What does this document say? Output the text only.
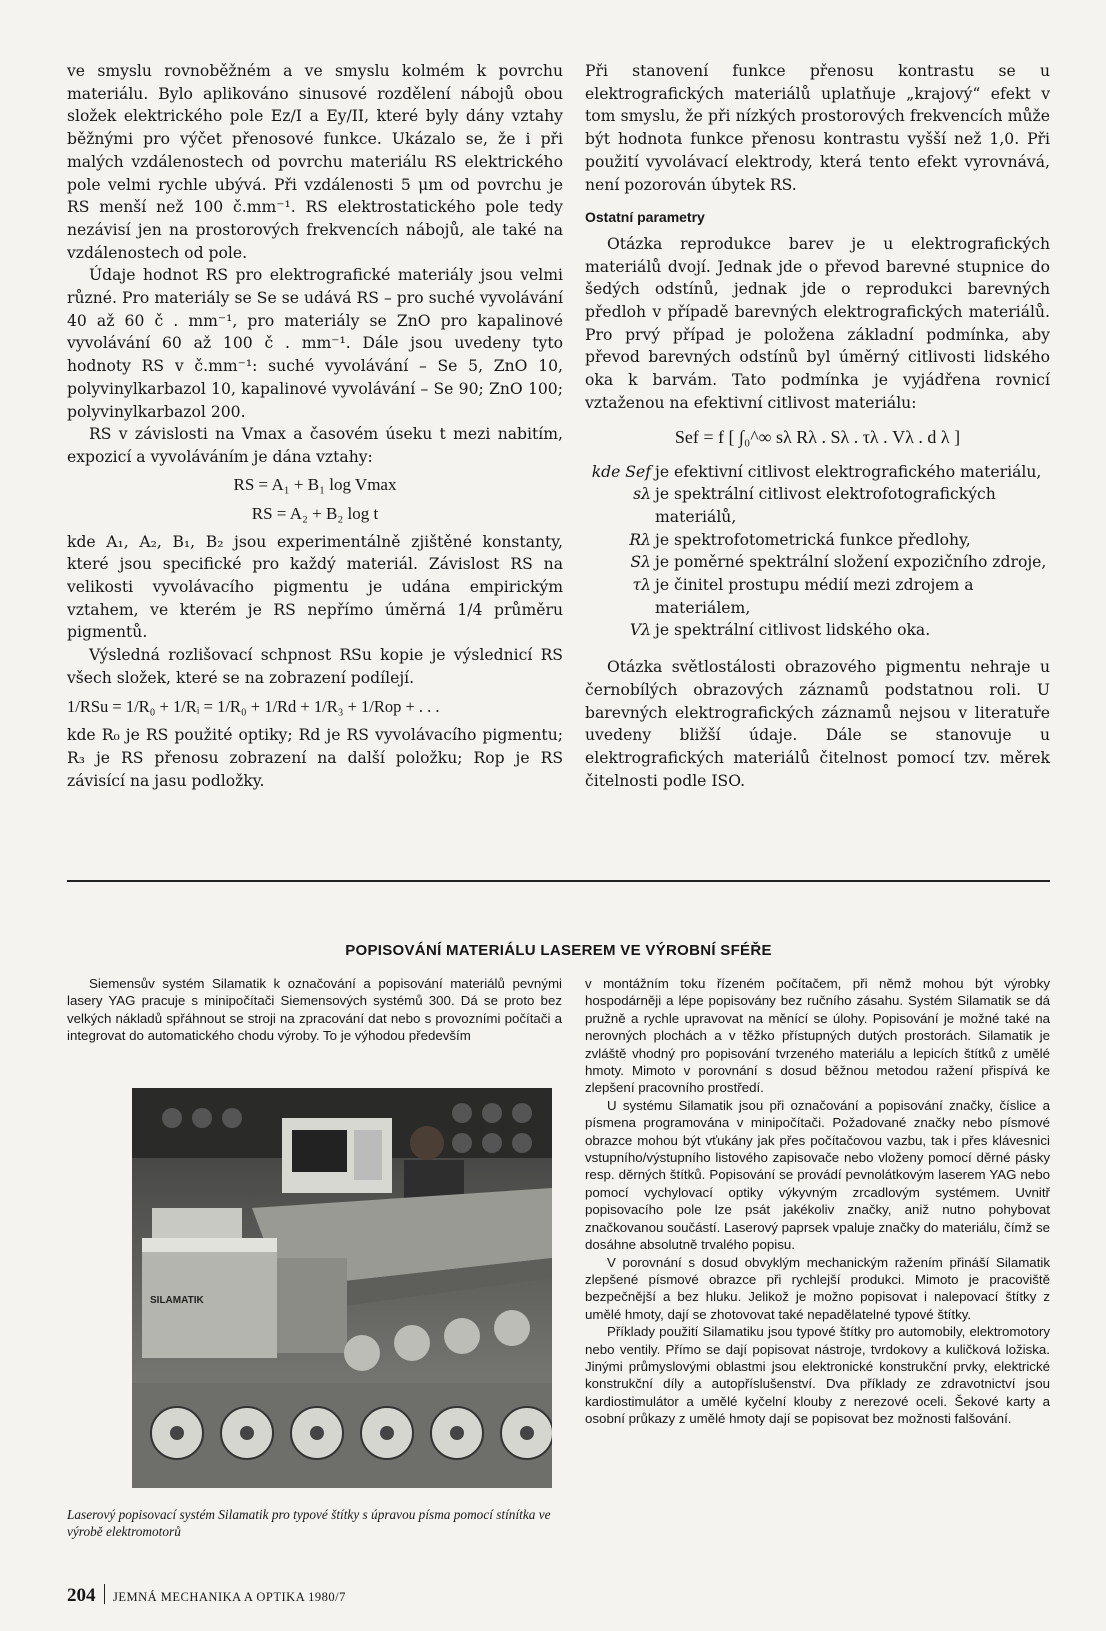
ve smyslu rovnoběžném a ve smyslu kolmém k povrchu materiálu. Bylo aplikováno sinusové rozdělení nábojů obou složek elektrického pole Ez/I a Ey/II, které byly dány vztahy běžnými pro výčet přenosové funkce. Ukázalo se, že i při malých vzdálenostech od povrchu materiálu RS elektrického pole velmi rychle ubývá. Při vzdálenosti 5 μm od povrchu je RS menší než 100 č.mm⁻¹. RS elektrostatického pole tedy nezávisí jen na prostorových frekvencích nábojů, ale také na vzdálenostech od pole.

Údaje hodnot RS pro elektrografické materiály jsou velmi různé. Pro materiály se Se se udává RS – pro suché vyvolávání 40 až 60 č . mm⁻¹, pro materiály se ZnO pro kapalinové vyvolávání 60 až 100 č . mm⁻¹. Dále jsou uvedeny tyto hodnoty RS v č.mm⁻¹: suché vyvolávání – Se 5, ZnO 10, polyvinylkarbazol 10, kapalinové vyvolávání – Se 90; ZnO 100; polyvinylkarbazol 200.

RS v závislosti na Vmax a časovém úseku t mezi nabitím, expozicí a vyvoláváním je dána vztahy:

RS = A₁ + B₁ log Vmax

RS = A₂ + B₂ log t

kde A₁, A₂, B₁, B₂ jsou experimentálně zjištěné konstanty, které jsou specifické pro každý materiál. Závislost RS na velikosti vyvolávacího pigmentu je udána empirickým vztahem, ve kterém je RS nepřímo úměrná 1/4 průměru pigmentů.

Výsledná rozlišovací schpnost RSu kopie je výslednicí RS všech složek, které se na zobrazení podílejí.

1/RSu = 1/R₀ + 1/Rᵢ = 1/R₀ + 1/Rd + 1/R₃ + 1/Rop + . . .

kde R₀ je RS použité optiky; Rd je RS vyvolávacího pigmentu; R₃ je RS přenosu zobrazení na další položku; Rop je RS závisící na jasu podložky.

Při stanovení funkce přenosu kontrastu se u elektrografických materiálů uplatňuje „krajový“ efekt v tom smyslu, že při nízkých prostorových frekvencích může být hodnota funkce přenosu kontrastu vyšší než 1,0. Při použití vyvolávací elektrody, která tento efekt vyrovnává, není pozorován úbytek RS.

Ostatní parametry

Otázka reprodukce barev je u elektrografických materiálů dvojí. Jednak jde o převod barevné stupnice do šedých odstínů, jednak jde o reprodukci barevných předloh v případě barevných elektrografických materiálů. Pro prvý případ je položena základní podmínka, aby převod barevných odstínů byl úměrný citlivosti lidského oka k barvám. Tato podmínka je vyjádřena rovnicí vztaženou na efektivní citlivost materiálu:

Sef = f [ ∫₀^∞ sλ Rλ . Sλ . τλ . Vλ . d λ ]

kde Sef je efektivní citlivost elektrografického materiálu,
sλ je spektrální citlivost elektrofotografických materiálů,
Rλ je spektrofotometrická funkce předlohy,
Sλ je poměrné spektrální složení expozičního zdroje,
τλ je činitel prostupu médií mezi zdrojem a materiálem,
Vλ je spektrální citlivost lidského oka.

Otázka světlostálosti obrazového pigmentu nehraje u černobílých obrazových záznamů podstatnou roli. U barevných elektrografických záznamů nejsou v literatuře uvedeny bližší údaje. Dále se stanovuje u elektrografických materiálů čitelnost pomocí tzv. měrek čitelnosti podle ISO.

POPISOVÁNÍ MATERIÁLU LASEREM VE VÝROBNÍ SFÉŘE

Siemensův systém Silamatik k označování a popisování materiálů pevnými lasery YAG pracuje s minipočítači Siemensových systémů 300. Dá se proto bez velkých nákladů spřáhnout se stroji na zpracování dat nebo s provozními počítači a integrovat do automatického chodu výroby. To je výhodou především

SILAMATIK
Laserový popisovací systém Silamatik pro typové štítky s úpravou písma pomocí stínítka ve výrobě elektromotorů

v montážním toku řízeném počítačem, při němž mohou být výrobky hospodárněji a lépe popisovány bez ručního zásahu. Systém Silamatik se dá pružně a rychle upravovat na měnící se úlohy. Popisování je možné také na nerovných plochách a v těžko přístupných dutých prostorách. Silamatik je zvláště vhodný pro popisování tvrzeného materiálu a lepicích štítků z umělé hmoty. Mimoto v porovnání s dosud běžnou metodou ražení přispívá ke zlepšení pracovního prostředí.

U systému Silamatik jsou při označování a popisování značky, číslice a písmena programována v minipočítači. Požadované značky nebo písmové obrazce mohou být vťukány jak přes počítačovou vazbu, tak i přes klávesnici vstupního/výstupního listového zapisovače nebo vloženy pomocí děrné pásky resp. děrných štítků. Popisování se provádí pevnolátkovým laserem YAG nebo pomocí vychylovací optiky výkyvným zrcadlovým systémem. Uvnitř popisovacího pole lze psát jakékoliv značky, aniž nutno pohybovat značkovanou součástí. Laserový paprsek vpaluje značky do materiálu, čímž se dosáhne absolutně trvalého popisu.

V porovnání s dosud obvyklým mechanickým ražením přináší Silamatik zlepšené písmové obrazce při rychlejší produkci. Mimoto je pracoviště bezpečnější a bez hluku. Jelikož je možno popisovat i nalepovací štítky z umělé hmoty, dají se zhotovovat také nepadělatelné typové štítky.

Příklady použití Silamatiku jsou typové štítky pro automobily, elektromotory nebo ventily. Přímo se dají popisovat nástroje, tvrdokovy a kuličková ložiska. Jinými průmyslovými oblastmi jsou elektronické konstrukční prvky, elektrické konstrukční díly a autopříslušenství. Dva příklady ze zdravotnictví jsou kardiostimulátor a umělé kyčelní klouby z nerezové oceli. Šekové karty a osobní průkazy z umělé hmoty dají se popisovat bez možnosti falšování.

204 JEMNÁ MECHANIKA A OPTIKA 1980/7
